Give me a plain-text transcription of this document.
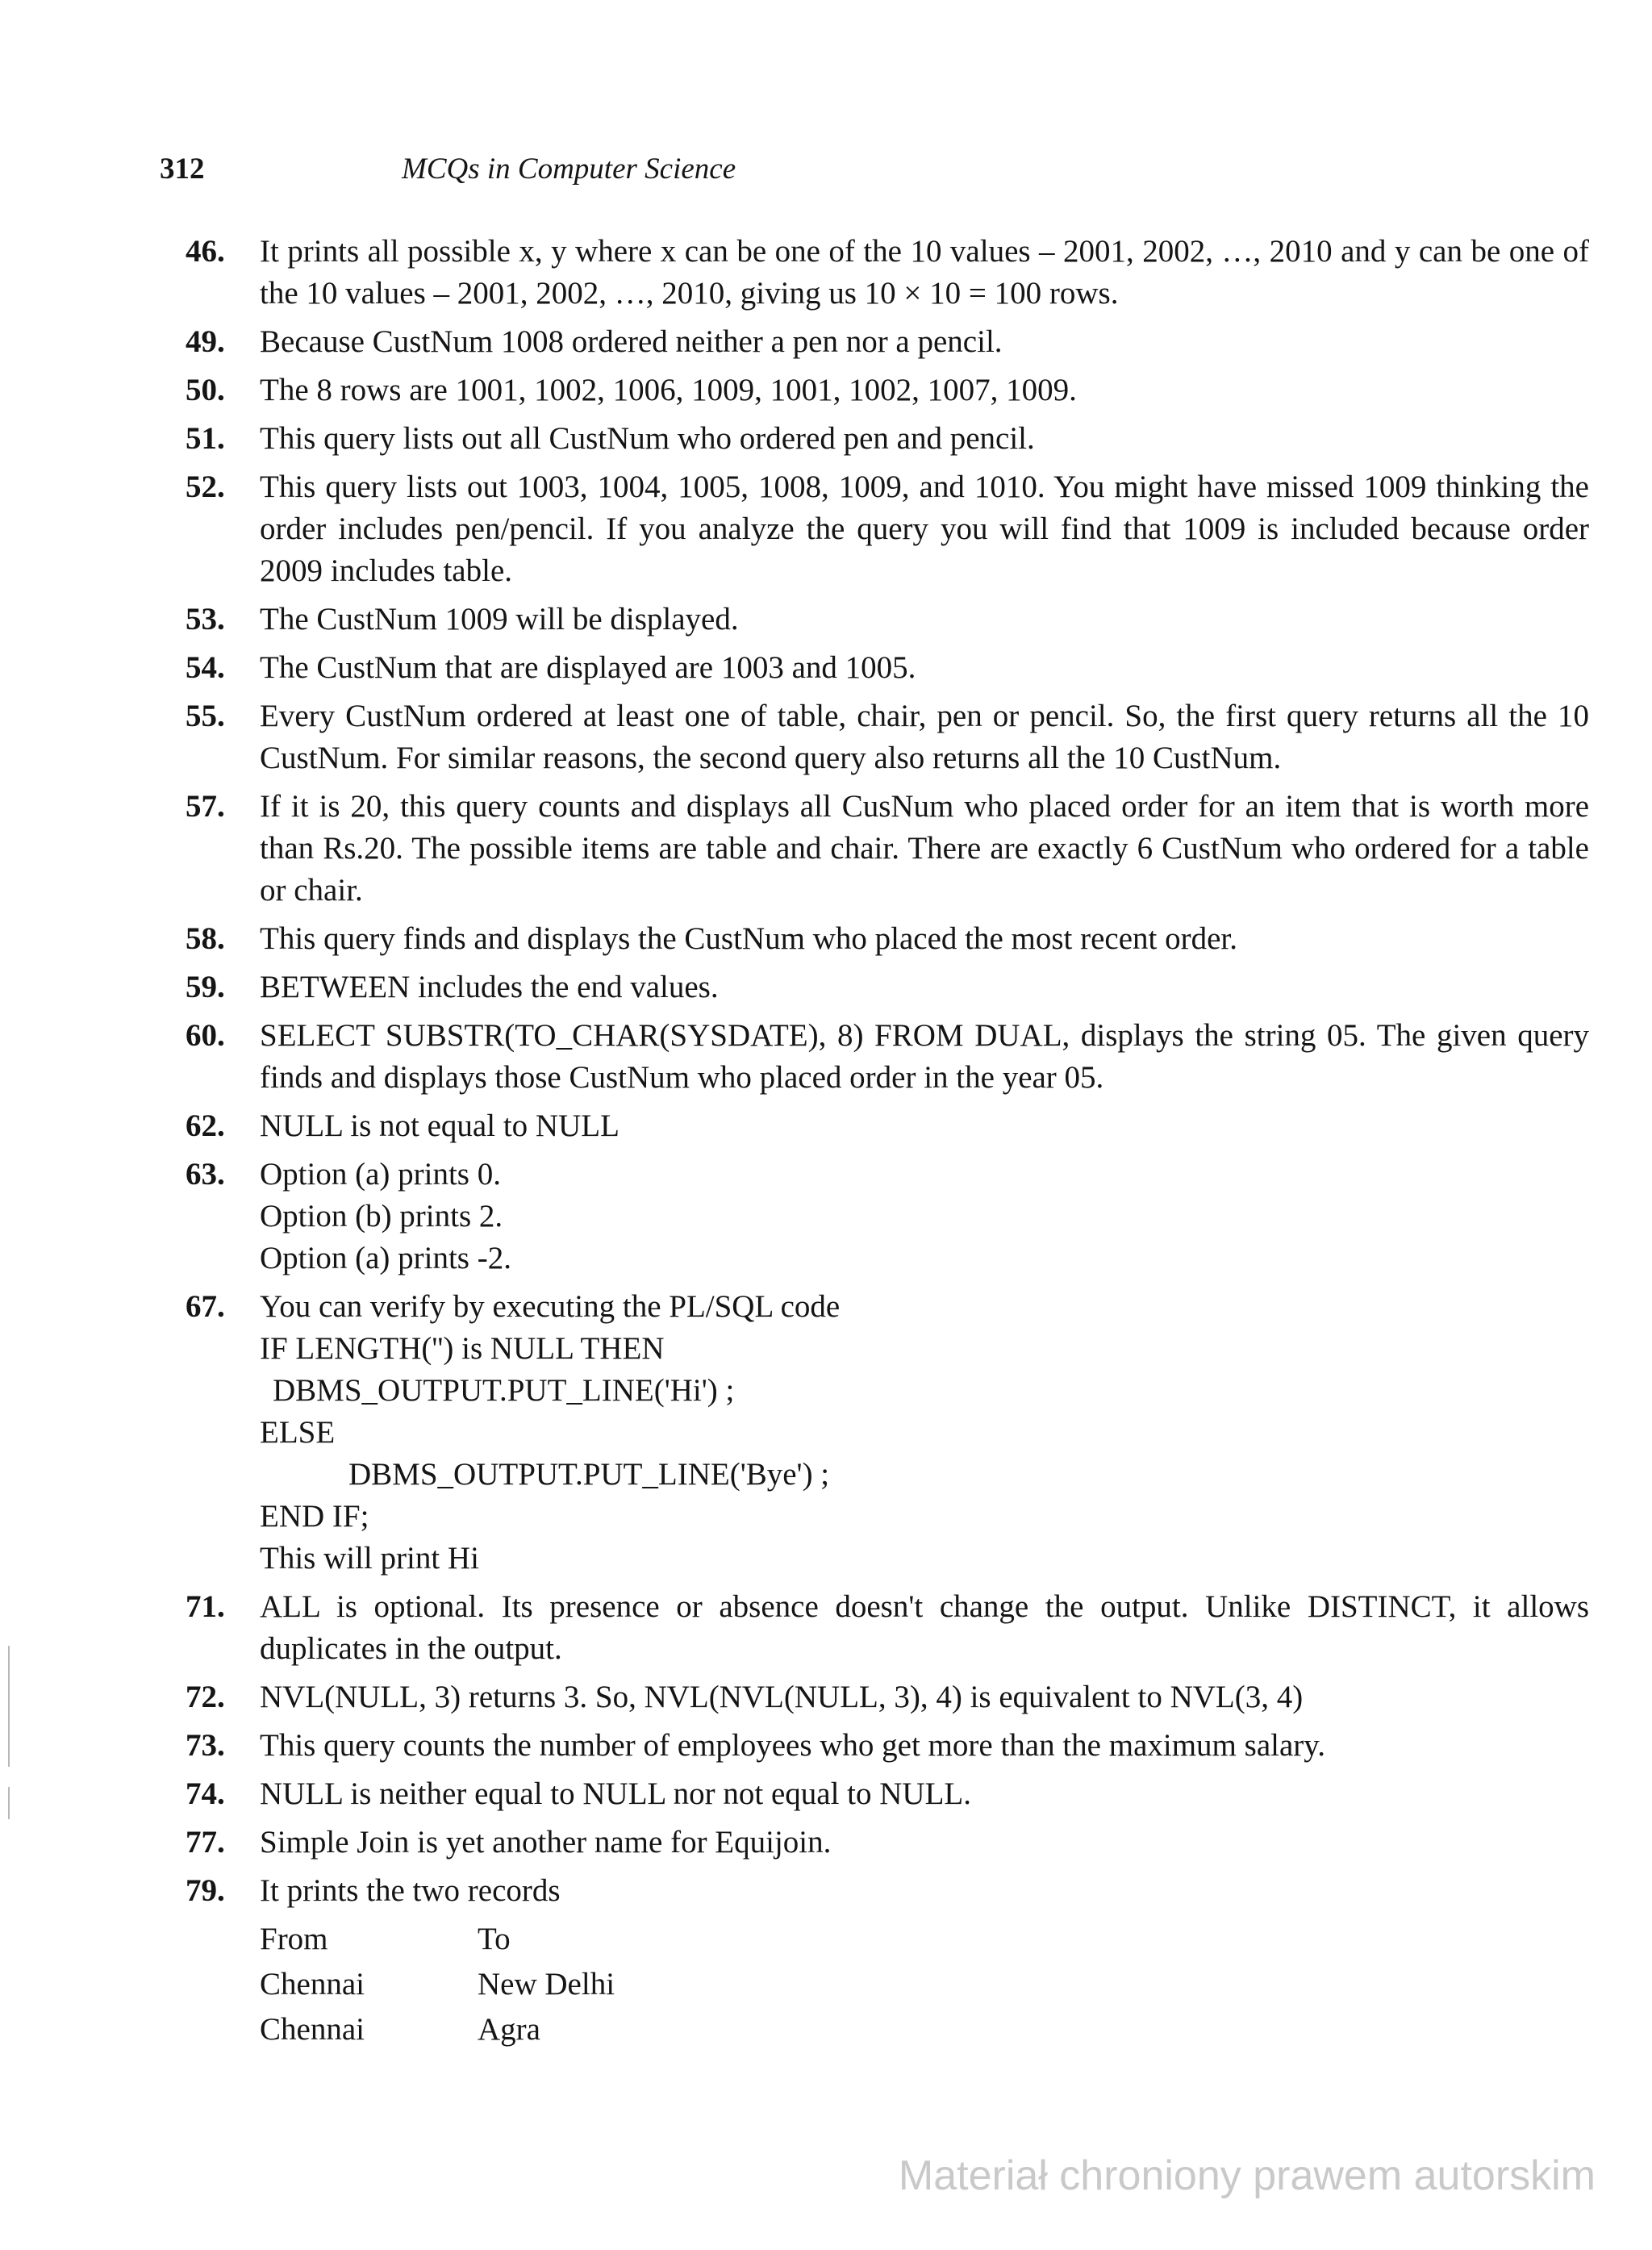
312	MCQs in Computer Science
46. It prints all possible x, y where x can be one of the 10 values – 2001, 2002, …, 2010 and y can be one of the 10 values – 2001, 2002, …, 2010, giving us 10 × 10 = 100 rows.
49. Because CustNum 1008 ordered neither a pen nor a pencil.
50. The 8 rows are 1001, 1002, 1006, 1009, 1001, 1002, 1007, 1009.
51. This query lists out all CustNum who ordered pen and pencil.
52. This query lists out 1003, 1004, 1005, 1008, 1009, and 1010. You might have missed 1009 thinking the order includes pen/pencil. If you analyze the query you will find that 1009 is included because order 2009 includes table.
53. The CustNum 1009 will be displayed.
54. The CustNum that are displayed are 1003 and 1005.
55. Every CustNum ordered at least one of table, chair, pen or pencil. So, the first query returns all the 10 CustNum. For similar reasons, the second query also returns all the 10 CustNum.
57. If it is 20, this query counts and displays all CusNum who placed order for an item that is worth more than Rs.20. The possible items are table and chair. There are exactly 6 CustNum who ordered for a table or chair.
58. This query finds and displays the CustNum who placed the most recent order.
59. BETWEEN includes the end values.
60. SELECT SUBSTR(TO_CHAR(SYSDATE), 8) FROM DUAL, displays the string 05. The given query finds and displays those CustNum who placed order in the year 05.
62. NULL is not equal to NULL
63. Option (a) prints 0.
Option (b) prints 2.
Option (a) prints -2.
67. You can verify by executing the PL/SQL code
IF LENGTH('') is NULL THEN
DBMS_OUTPUT.PUT_LINE('Hi') ;
ELSE
DBMS_OUTPUT.PUT_LINE('Bye') ;
END IF;
This will print Hi
71. ALL is optional. Its presence or absence doesn't change the output. Unlike DISTINCT, it allows duplicates in the output.
72. NVL(NULL, 3) returns 3. So, NVL(NVL(NULL, 3), 4) is equivalent to NVL(3, 4)
73. This query counts the number of employees who get more than the maximum salary.
74. NULL is neither equal to NULL nor not equal to NULL.
77. Simple Join is yet another name for Equijoin.
79. It prints the two records
From	To
Chennai	New Delhi
Chennai	Agra
Materiał chroniony prawem autorskim
